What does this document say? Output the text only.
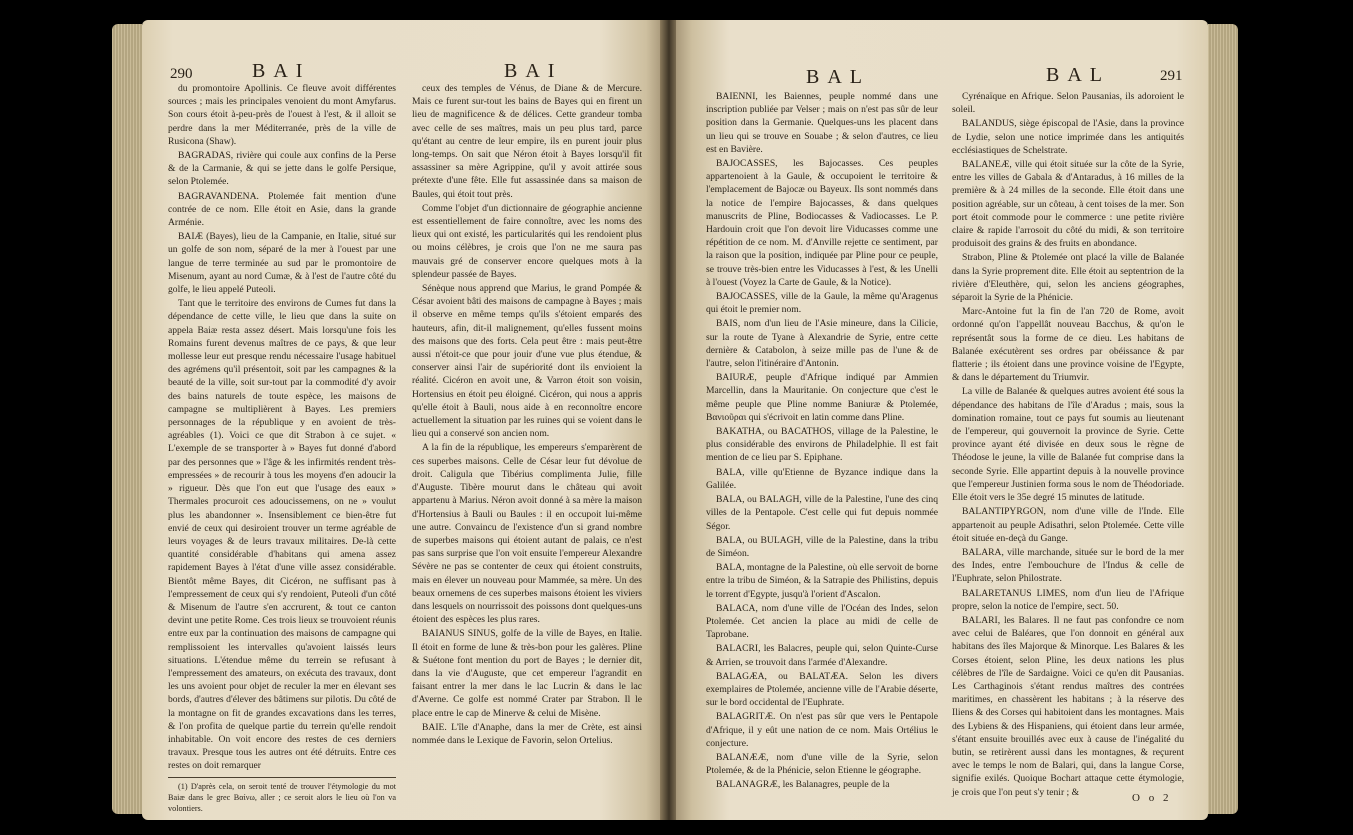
290	BAI	BAI

du promontoire Apollinis. Ce fleuve avoit différentes sources ; mais les principales venoient du mont Amyfarus. Son cours étoit à-peu-près de l'ouest à l'est, & il alloit se perdre dans la mer Méditerranée, près de la ville de Rusicona (Shaw).

BAGRADAS, rivière qui coule aux confins de la Perse & de la Carmanie, & qui se jette dans le golfe Persique, selon Ptolemée.

BAGRAVANDENA. Ptolemée fait mention d'une contrée de ce nom. Elle étoit en Asie, dans la grande Arménie.

BAIÆ (Bayes), lieu de la Campanie, en Italie, situé sur un golfe de son nom, séparé de la mer à l'ouest par une langue de terre terminée au sud par le promontoire de Misenum, ayant au nord Cumæ, & à l'est de l'autre côté du golfe, le lieu appelé Puteoli.

Tant que le territoire des environs de Cumes fut dans la dépendance de cette ville, le lieu que dans la suite on appela Baiæ resta assez désert. Mais lorsqu'une fois les Romains furent devenus maîtres de ce pays, & que leur mollesse leur eut presque rendu nécessaire l'usage habituel des agrémens qu'il présentoit, soit par les campagnes & la beauté de la ville, soit sur-tout par la commodité d'y avoir des bains naturels de toute espèce, les maisons de campagne se multiplièrent à Bayes. Les premiers personnages de la république y en avoient de très-agréables (1). Voici ce que dit Strabon à ce sujet. « L'exemple de se transporter à » Bayes fut donné d'abord par des personnes que » l'âge & les infirmités rendent très-empressées » de recourir à tous les moyens d'en adoucir la » rigueur. Dès que l'on eut que l'usage des eaux » Thermales procuroit ces adoucissemens, on ne » voulut plus les abandonner ». Insensiblement ce bien-être fut envié de ceux qui desiroient trouver un terme agréable de leurs voyages & de leurs travaux militaires. De-là cette quantité considérable d'habitans qui amena assez rapidement Bayes à l'état d'une ville assez considérable. Bientôt même Bayes, dit Cicéron, ne suffisant pas à l'empressement de ceux qui s'y rendoient, Puteoli d'un côté & Misenum de l'autre s'en accrurent, & tout ce canton devint une petite Rome. Ces trois lieux se trouvoient réunis entre eux par la continuation des maisons de campagne qui remplissoient les intervalles qu'avoient laissés leurs situations. L'étendue même du terrein se refusant à l'empressement des amateurs, on exécuta des travaux, dont les uns avoient pour objet de reculer la mer en élevant ses bords, d'autres d'élever des bâtimens sur pilotis. Du côté de la montagne on fit de grandes excavations dans les terres, & l'on profita de quelque partie du terrein qu'elle rendoit inhabitable. On voit encore des restes de ces derniers travaux. Presque tous les autres ont été détruits. Entre ces restes on doit remarquer

(1) D'après cela, on seroit tenté de trouver l'étymologie du mot Baiæ dans le grec Βαίνω, aller ; ce seroit alors le lieu où l'on va volontiers.

ceux des temples de Vénus, de Diane & de Mercure. Mais ce furent sur-tout les bains de Bayes qui en firent un lieu de magnificence & de délices. Cette grandeur tomba avec celle de ses maîtres, mais un peu plus tard, parce qu'étant au centre de leur empire, ils en purent jouir plus long-temps. On sait que Néron étoit à Bayes lorsqu'il fit assassiner sa mère Agrippine, qu'il y avoit attirée sous prétexte d'une fête. Elle fut assassinée dans sa maison de Baules, qui étoit tout près.

Comme l'objet d'un dictionnaire de géographie ancienne est essentiellement de faire connoître, avec les noms des lieux qui ont existé, les particularités qui les rendoient plus ou moins célèbres, je crois que l'on ne me saura pas mauvais gré de conserver encore quelques mots à la splendeur passée de Bayes.

Sénèque nous apprend que Marius, le grand Pompée & César avoient bâti des maisons de campagne à Bayes ; mais il observe en même temps qu'ils s'étoient emparés des hauteurs, afin, dit-il malignement, qu'elles fussent moins des maisons que des forts. Cela peut être : mais peut-être aussi n'étoit-ce que pour jouir d'une vue plus étendue, & conserver ainsi l'air de supériorité dont ils envioient la réalité. Cicéron en avoit une, & Varron étoit son voisin, Hortensius en étoit peu éloigné. Cicéron, qui nous a appris qu'elle étoit à Bauli, nous aide à en reconnoître encore actuellement la situation par les ruines qui se voient dans le lieu qui a conservé son ancien nom.

A la fin de la république, les empereurs s'emparèrent de ces superbes maisons. Celle de César leur fut dévolue de droit. Caligula que Tibérius complimenta Julie, fille d'Auguste. Tibère mourut dans le château qui avoit appartenu à Marius. Néron avoit donné à sa mère la maison d'Hortensius à Bauli ou Baules : il en occupoit lui-même une autre. Convaincu de l'existence d'un si grand nombre de superbes maisons qui étoient autant de palais, ce n'est pas sans surprise que l'on voit ensuite l'empereur Alexandre Sévère ne pas se contenter de ceux qui étoient construits, mais en élever un nouveau pour Mammée, sa mère. Un des beaux ornemens de ces superbes maisons étoient les viviers dans lesquels on nourrissoit des poissons dont quelques-uns étoient des espèces les plus rares.

BAIANUS SINUS, golfe de la ville de Bayes, en Italie. Il étoit en forme de lune & très-bon pour les galères. Pline & Suétone font mention du port de Bayes ; le dernier dit, dans la vie d'Auguste, que cet empereur l'agrandit en faisant entrer la mer dans le lac Lucrin & dans le lac d'Averne. Ce golfe est nommé Crater par Strabon. Il le place entre le cap de Minerve & celui de Misène.

BAIE. L'île d'Anaphe, dans la mer de Crète, est ainsi nommée dans le Lexique de Favorin, selon Ortelius.

BAL	BAL	291

BAIENNI, les Baiennes, peuple nommé dans une inscription publiée par Velser ; mais on n'est pas sûr de leur position dans la Germanie. Quelques-uns les placent dans un lieu qui se trouve en Souabe ; & selon d'autres, ce lieu est en Bavière.

BAJOCASSES, les Bajocasses. Ces peuples appartenoient à la Gaule, & occupoient le territoire & l'emplacement de Bajocæ ou Bayeux. Ils sont nommés dans la notice de l'empire Bajocasses, & dans quelques manuscrits de Pline, Bodiocasses & Vadiocasses. Le P. Hardouin croit que l'on devoit lire Viducasses comme une répétition de ce nom. M. d'Anville rejette ce sentiment, par la raison que la position, indiquée par Pline pour ce peuple, se trouve très-bien entre les Viducasses à l'est, & les Unelli à l'ouest (Voyez la Carte de Gaule, & la Notice).

BAJOCASSES, ville de la Gaule, la même qu'Aragenus qui étoit le premier nom.

BAIS, nom d'un lieu de l'Asie mineure, dans la Cilicie, sur la route de Tyane à Alexandrie de Syrie, entre cette dernière & Catabolon, à seize mille pas de l'une & de l'autre, selon l'itinéraire d'Antonin.

BAIURÆ, peuple d'Afrique indiqué par Ammien Marcellin, dans la Mauritanie. On conjecture que c'est le même peuple que Pline nomme Baniuræ & Ptolemée, Βανιοῦραι qui s'écrivoit en latin comme dans Pline.

BAKATHA, ou BACATHOS, village de la Palestine, le plus considérable des environs de Philadelphie. Il est fait mention de ce lieu par S. Epiphane.

BALA, ville qu'Etienne de Byzance indique dans la Galilée.

BALA, ou BALAGH, ville de la Palestine, l'une des cinq villes de la Pentapole. C'est celle qui fut depuis nommée Ségor.

BALA, ou BULAGH, ville de la Palestine, dans la tribu de Siméon.

BALA, montagne de la Palestine, où elle servoit de borne entre la tribu de Siméon, & la Satrapie des Philistins, depuis le torrent d'Egypte, jusqu'à l'orient d'Ascalon.

BALACA, nom d'une ville de l'Océan des Indes, selon Ptolemée. Cet ancien la place au midi de celle de Taprobane.

BALACRI, les Balacres, peuple qui, selon Quinte-Curse & Arrien, se trouvoit dans l'armée d'Alexandre.

BALAGÆA, ou BALATÆA. Selon les divers exemplaires de Ptolemée, ancienne ville de l'Arabie déserte, sur le bord occidental de l'Euphrate.

BALAGRITÆ. On n'est pas sûr que vers le Pentapole d'Afrique, il y eût une nation de ce nom. Mais Ortélius le conjecture.

BALANÆÆ, nom d'une ville de la Syrie, selon Ptolemée, & de la Phénicie, selon Etienne le géographe.

BALANAGRÆ, les Balanagres, peuple de la

Cyrénaïque en Afrique. Selon Pausanias, ils adoroient le soleil.

BALANDUS, siège épiscopal de l'Asie, dans la province de Lydie, selon une notice imprimée dans les antiquités ecclésiastiques de Schelstrate.

BALANEÆ, ville qui étoit située sur la côte de la Syrie, entre les villes de Gabala & d'Antaradus, à 16 milles de la première & à 24 milles de la seconde. Elle étoit dans une position agréable, sur un côteau, à cent toises de la mer. Son port étoit commode pour le commerce : une petite rivière claire & rapide l'arrosoit du côté du midi, & son territoire produisoit des grains & des fruits en abondance.

Strabon, Pline & Ptolemée ont placé la ville de Balanée dans la Syrie proprement dite. Elle étoit au septentrion de la rivière d'Eleuthère, qui, selon les anciens géographes, séparoit la Syrie de la Phénicie.

Marc-Antoine fut la fin de l'an 720 de Rome, avoit ordonné qu'on l'appellât nouveau Bacchus, & qu'on le représentât sous la forme de ce dieu. Les habitans de Balanée exécutèrent ses ordres par obéissance & par flatterie ; ils étoient dans une province voisine de l'Egypte, & dans le département du Triumvir.

La ville de Balanée & quelques autres avoient été sous la dépendance des habitans de l'île d'Aradus ; mais, sous la domination romaine, tout ce pays fut soumis au lieutenant de l'empereur, qui gouvernoit la province de Syrie. Cette province ayant été divisée en deux sous le règne de Théodose le jeune, la ville de Balanée fut comprise dans la seconde Syrie. Elle appartint depuis à la nouvelle province que l'empereur Justinien forma sous le nom de Théodoriade. Elle étoit vers le 35e degré 15 minutes de latitude.

BALANTIPYRGON, nom d'une ville de l'Inde. Elle appartenoit au peuple Adisathri, selon Ptolemée. Cette ville étoit située en-deçà du Gange.

BALARA, ville marchande, située sur le bord de la mer des Indes, entre l'embouchure de l'Indus & celle de l'Euphrate, selon Philostrate.

BALARETANUS LIMES, nom d'un lieu de l'Afrique propre, selon la notice de l'empire, sect. 50.

BALARI, les Balares. Il ne faut pas confondre ce nom avec celui de Baléares, que l'on donnoit en général aux habitans des îles Majorque & Minorque. Les Balares & les Corses étoient, selon Pline, les deux nations les plus célèbres de l'île de Sardaigne. Voici ce qu'en dit Pausanias. Les Carthaginois s'étant rendus maîtres des contrées maritimes, en chassèrent les habitans ; à la réserve des Iliens & des Corses qui habitoient dans les montagnes. Mais des Lybiens & des Hispaniens, qui étoient dans leur armée, s'étant ensuite brouillés avec eux à cause de l'inégalité du butin, se retirèrent aussi dans les montagnes, & reçurent avec le temps le nom de Balari, qui, dans la langue Corse, signifie exilés. Quoique Bochart attaque cette étymologie, je crois que l'on peut s'y tenir ; &	O o 2
